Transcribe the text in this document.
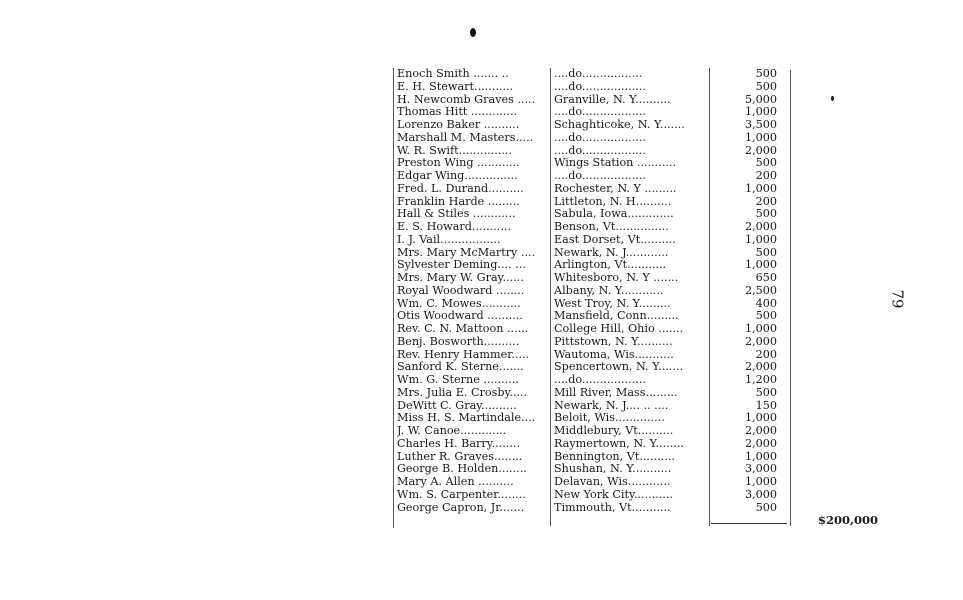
Enoch Smith ....... ..	....do.................	500
E. H. Stewart...........	....do..................	500
H. Newcomb Graves .....	Granville, N. Y..........	5,000
Thomas Hitt .............	....do..................	1,000
Lorenzo Baker ..........	Schaghticoke, N. Y.......	3,500
Marshall M. Masters.....	....do..................	1,000
W. R. Swift...............	....do..................	2,000
Preston Wing ............	Wings Station ...........	500
Edgar Wing...............	....do..................	200
Fred. L. Durand..........	Rochester, N. Y .........	1,000
Franklin Harde .........	Littleton, N. H..........	200
Hall & Stiles ............	Sabula, Iowa.............	500
E. S. Howard...........	Benson, Vt...............	2,000
I. J. Vail.................	East Dorset, Vt..........	1,000
Mrs. Mary McMartry ....	Newark, N. J............	500
Sylvester Deming.... ...	Arlington, Vt...........	1,000
Mrs. Mary W. Gray......	Whitesboro, N. Y .......	650
Royal Woodward ........	Albany, N. Y............	2,500
Wm. C. Mowes...........	West Troy, N. Y.........	400
Otis Woodward ..........	Mansfield, Conn.........	500
Rev. C. N. Mattoon ......	College Hill, Ohio .......	1,000
Benj. Bosworth..........	Pittstown, N. Y..........	2,000
Rev. Henry Hammer.....	Wautoma, Wis...........	200
Sanford K. Sterne.......	Spencertown, N. Y.......	2,000
Wm. G. Sterne ..........	....do..................	1,200
Mrs. Julia E. Crosby.....	Mill River, Mass.........	500
DeWitt C. Gray..........	Newark, N. J.... .. ....	150
Miss H. S. Martindale....	Beloit, Wis..............	1,000
J. W. Canoe.............	Middlebury, Vt..........	2,000
Charles H. Barry........	Raymertown, N. Y........	2,000
Luther R. Graves........	Bennington, Vt..........	1,000
George B. Holden........	Shushan, N. Y...........	3,000
Mary A. Allen ..........	Delavan, Wis............	1,000
Wm. S. Carpenter........	New York City...........	3,000
George Capron, Jr.......	Timmouth, Vt...........	500
$200,000
79
